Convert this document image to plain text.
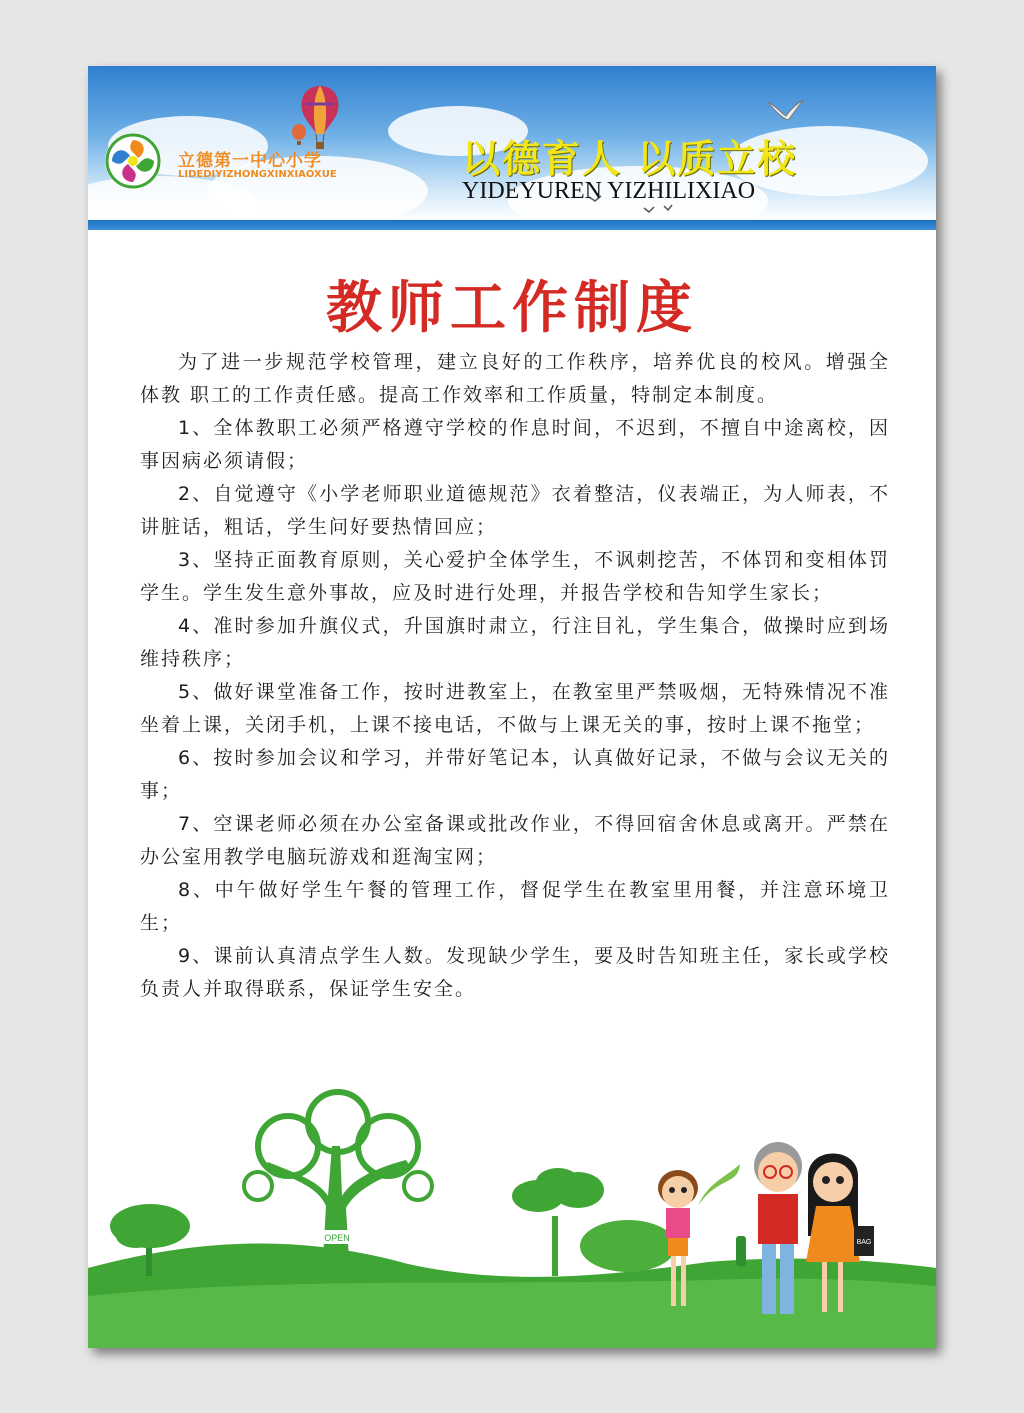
立德第一中心小学
LIDEDIYIZHONGXINXIAOXUE	以德育人 以质立校
YIDEYUREN YIZHILIXIAO
教师工作制度

为了进一步规范学校管理，建立良好的工作秩序，培养优良的校风。增强全体教 职工的工作责任感。提高工作效率和工作质量，特制定本制度。

1、全体教职工必须严格遵守学校的作息时间，不迟到，不擅自中途离校，因事因病必须请假；

2、自觉遵守《小学老师职业道德规范》衣着整洁，仪表端正，为人师表，不讲脏话，粗话，学生问好要热情回应；

3、坚持正面教育原则，关心爱护全体学生，不讽刺挖苦，不体罚和变相体罚学生。学生发生意外事故，应及时进行处理，并报告学校和告知学生家长；

4、准时参加升旗仪式，升国旗时肃立，行注目礼，学生集合，做操时应到场维持秩序；

5、做好课堂准备工作，按时进教室上，在教室里严禁吸烟，无特殊情况不准坐着上课，关闭手机，上课不接电话，不做与上课无关的事，按时上课不拖堂；

6、按时参加会议和学习，并带好笔记本，认真做好记录，不做与会议无关的事；

7、空课老师必须在办公室备课或批改作业，不得回宿舍休息或离开。严禁在办公室用教学电脑玩游戏和逛淘宝网；

8、中午做好学生午餐的管理工作，督促学生在教室里用餐，并注意环境卫生；

9、课前认真清点学生人数。发现缺少学生，要及时告知班主任，家长或学校负责人并取得联系，保证学生安全。

OPEN	BAG
